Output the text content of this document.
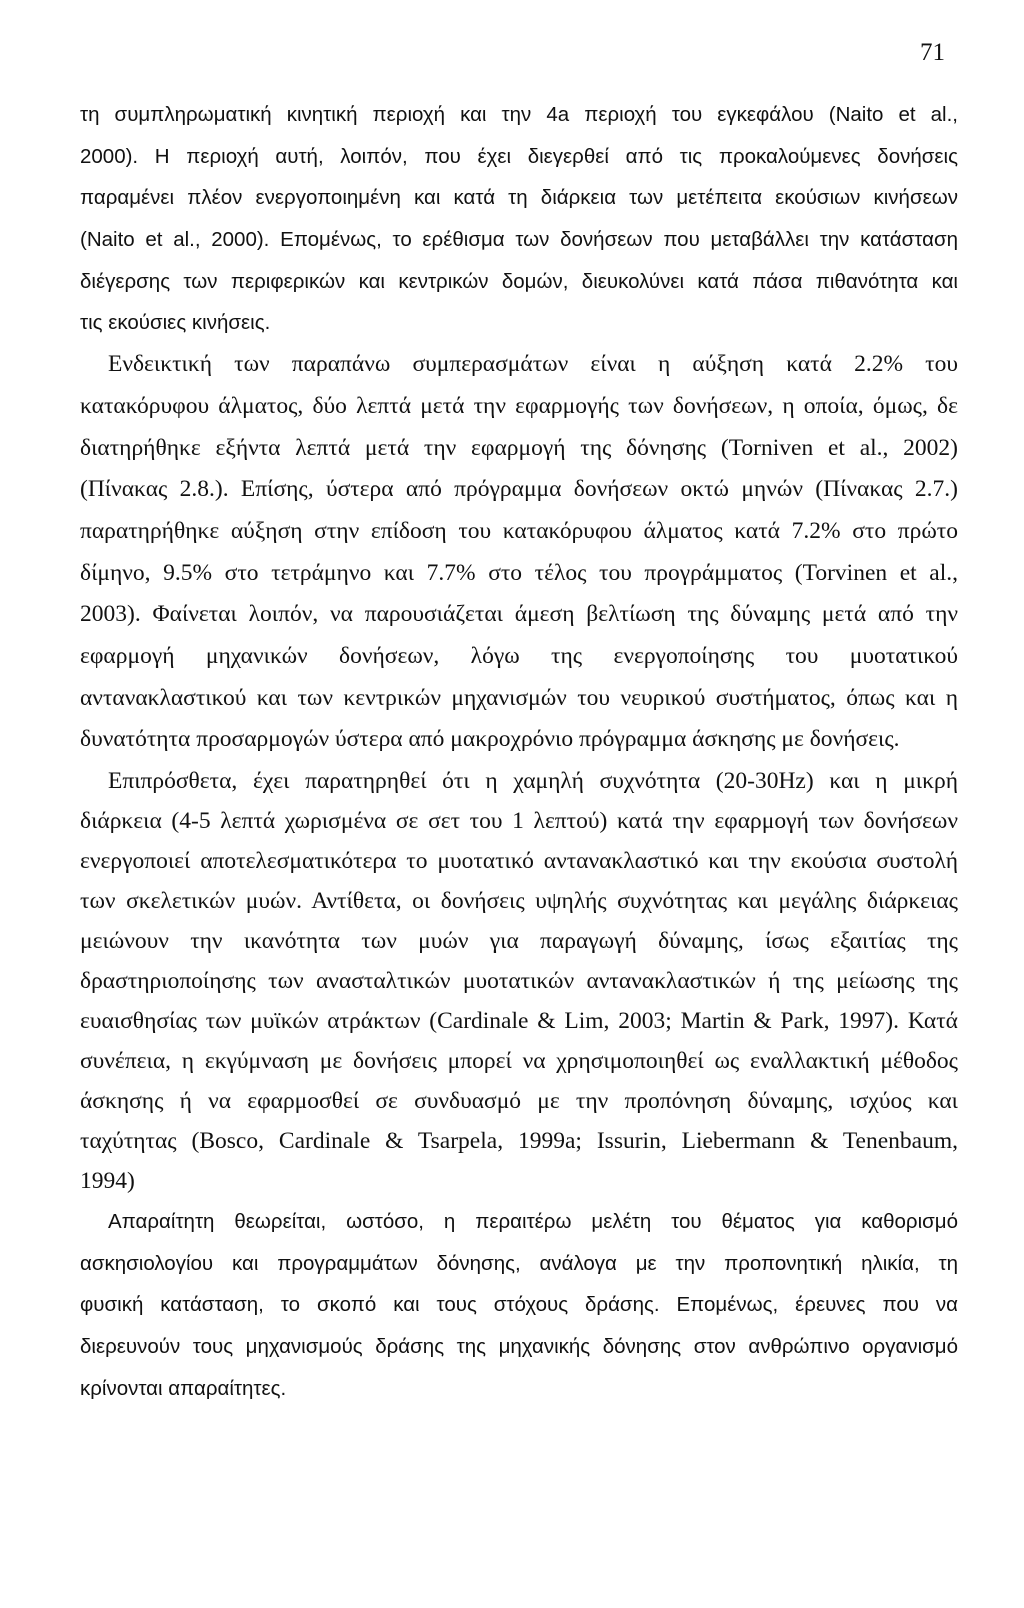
71
τη συμπληρωματική κινητική περιοχή και την 4a περιοχή του εγκεφάλου (Naito et al.,
2000). Η περιοχή αυτή, λοιπόν, που έχει διεγερθεί από τις προκαλούμενες δονήσεις
παραμένει πλέον ενεργοποιημένη και κατά τη διάρκεια των μετέπειτα εκούσιων κινήσεων
(Naito et al., 2000). Επομένως, το ερέθισμα των δονήσεων που μεταβάλλει την κατάσταση
διέγερσης των περιφερικών και κεντρικών δομών, διευκολύνει κατά πάσα πιθανότητα και
τις εκούσιες κινήσεις.
Ενδεικτική των παραπάνω συμπερασμάτων είναι η αύξηση κατά 2.2% του
κατακόρυφου άλματος, δύο λεπτά μετά την εφαρμογής των δονήσεων, η οποία, όμως, δε
διατηρήθηκε εξήντα λεπτά μετά την εφαρμογή της δόνησης (Torniven et al., 2002)
(Πίνακας 2.8.). Επίσης, ύστερα από πρόγραμμα δονήσεων οκτώ μηνών (Πίνακας 2.7.)
παρατηρήθηκε αύξηση στην επίδοση του κατακόρυφου άλματος κατά 7.2% στο πρώτο
δίμηνο, 9.5% στο τετράμηνο και 7.7% στο τέλος του προγράμματος (Torvinen et al.,
2003). Φαίνεται λοιπόν, να παρουσιάζεται άμεση βελτίωση της δύναμης μετά από την
εφαρμογή μηχανικών δονήσεων, λόγω της ενεργοποίησης του μυοτατικού
αντανακλαστικού και των κεντρικών μηχανισμών του νευρικού συστήματος, όπως και η
δυνατότητα προσαρμογών ύστερα από μακροχρόνιο πρόγραμμα άσκησης με δονήσεις.
Επιπρόσθετα, έχει παρατηρηθεί ότι η χαμηλή συχνότητα (20-30Hz) και η μικρή
διάρκεια (4-5 λεπτά χωρισμένα σε σετ του 1 λεπτού) κατά την εφαρμογή των δονήσεων
ενεργοποιεί αποτελεσματικότερα το μυοτατικό αντανακλαστικό και την εκούσια συστολή
των σκελετικών μυών. Αντίθετα, οι δονήσεις υψηλής συχνότητας και μεγάλης διάρκειας
μειώνουν την ικανότητα των μυών για παραγωγή δύναμης, ίσως εξαιτίας της
δραστηριοποίησης των ανασταλτικών μυοτατικών αντανακλαστικών ή της μείωσης της
ευαισθησίας των μυϊκών ατράκτων (Cardinale & Lim, 2003; Martin & Park, 1997). Κατά
συνέπεια, η εκγύμναση με δονήσεις μπορεί να χρησιμοποιηθεί ως εναλλακτική μέθοδος
άσκησης ή να εφαρμοσθεί σε συνδυασμό με την προπόνηση δύναμης, ισχύος και
ταχύτητας (Bosco, Cardinale & Tsarpela, 1999a; Issurin, Liebermann & Tenenbaum,
1994)
Απαραίτητη θεωρείται, ωστόσο, η περαιτέρω μελέτη του θέματος για καθορισμό
ασκησιολογίου και προγραμμάτων δόνησης, ανάλογα με την προπονητική ηλικία, τη
φυσική κατάσταση, το σκοπό και τους στόχους δράσης. Επομένως, έρευνες που να
διερευνούν τους μηχανισμούς δράσης της μηχανικής δόνησης στον ανθρώπινο οργανισμό
κρίνονται απαραίτητες.
